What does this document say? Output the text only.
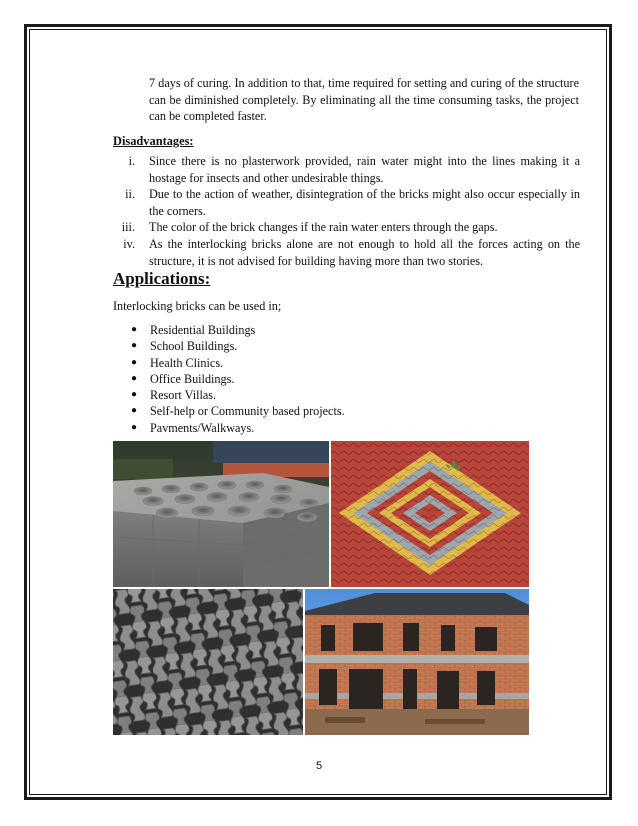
7 days of curing. In addition to that, time required for setting and curing of the structure can be diminished completely. By eliminating all the time consuming tasks, the project can be completed faster.
Disadvantages:
i. Since there is no plasterwork provided, rain water might into the lines making it a hostage for insects and other undesirable things.
ii. Due to the action of weather, disintegration of the bricks might also occur especially in the corners.
iii. The color of the brick changes if the rain water enters through the gaps.
iv. As the interlocking bricks alone are not enough to hold all the forces acting on the structure, it is not advised for building having more than two stories.
Applications:
Interlocking bricks can be used in;
● Residential Buildings
● School Buildings.
● Health Clinics.
● Office Buildings.
● Resort Villas.
● Self-help or Community based projects.
● Pavments/Walkways.
5
